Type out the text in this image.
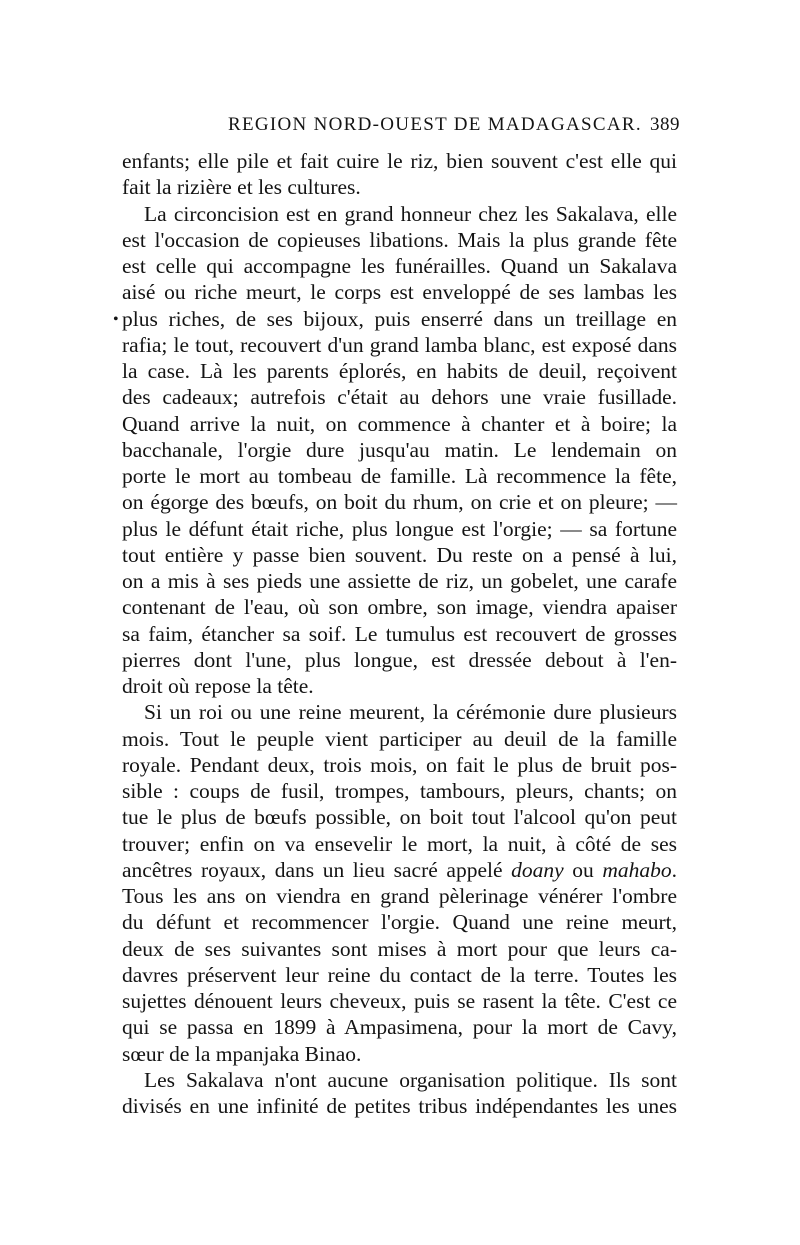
REGION NORD-OUEST DE MADAGASCAR. 389
•
enfants; elle pile et fait cuire le riz, bien souvent c'est elle qui
fait la rizière et les cultures.
La circoncision est en grand honneur chez les Sakalava, elle
est l'occasion de copieuses libations. Mais la plus grande fête
est celle qui accompagne les funérailles. Quand un Sakalava
aisé ou riche meurt, le corps est enveloppé de ses lambas les
plus riches, de ses bijoux, puis enserré dans un treillage en
rafia; le tout, recouvert d'un grand lamba blanc, est exposé dans
la case. Là les parents éplorés, en habits de deuil, reçoivent
des cadeaux; autrefois c'était au dehors une vraie fusillade.
Quand arrive la nuit, on commence à chanter et à boire; la
bacchanale, l'orgie dure jusqu'au matin. Le lendemain on
porte le mort au tombeau de famille. Là recommence la fête,
on égorge des bœufs, on boit du rhum, on crie et on pleure; —
plus le défunt était riche, plus longue est l'orgie; — sa fortune
tout entière y passe bien souvent. Du reste on a pensé à lui,
on a mis à ses pieds une assiette de riz, un gobelet, une carafe
contenant de l'eau, où son ombre, son image, viendra apaiser
sa faim, étancher sa soif. Le tumulus est recouvert de grosses
pierres dont l'une, plus longue, est dressée debout à l'en-
droit où repose la tête.
Si un roi ou une reine meurent, la cérémonie dure plusieurs
mois. Tout le peuple vient participer au deuil de la famille
royale. Pendant deux, trois mois, on fait le plus de bruit pos-
sible : coups de fusil, trompes, tambours, pleurs, chants; on
tue le plus de bœufs possible, on boit tout l'alcool qu'on peut
trouver; enfin on va ensevelir le mort, la nuit, à côté de ses
ancêtres royaux, dans un lieu sacré appelé doany ou mahabo.
Tous les ans on viendra en grand pèlerinage vénérer l'ombre
du défunt et recommencer l'orgie. Quand une reine meurt,
deux de ses suivantes sont mises à mort pour que leurs ca-
davres préservent leur reine du contact de la terre. Toutes les
sujettes dénouent leurs cheveux, puis se rasent la tête. C'est ce
qui se passa en 1899 à Ampasimena, pour la mort de Cavy,
sœur de la mpanjaka Binao.
Les Sakalava n'ont aucune organisation politique. Ils sont
divisés en une infinité de petites tribus indépendantes les unes
